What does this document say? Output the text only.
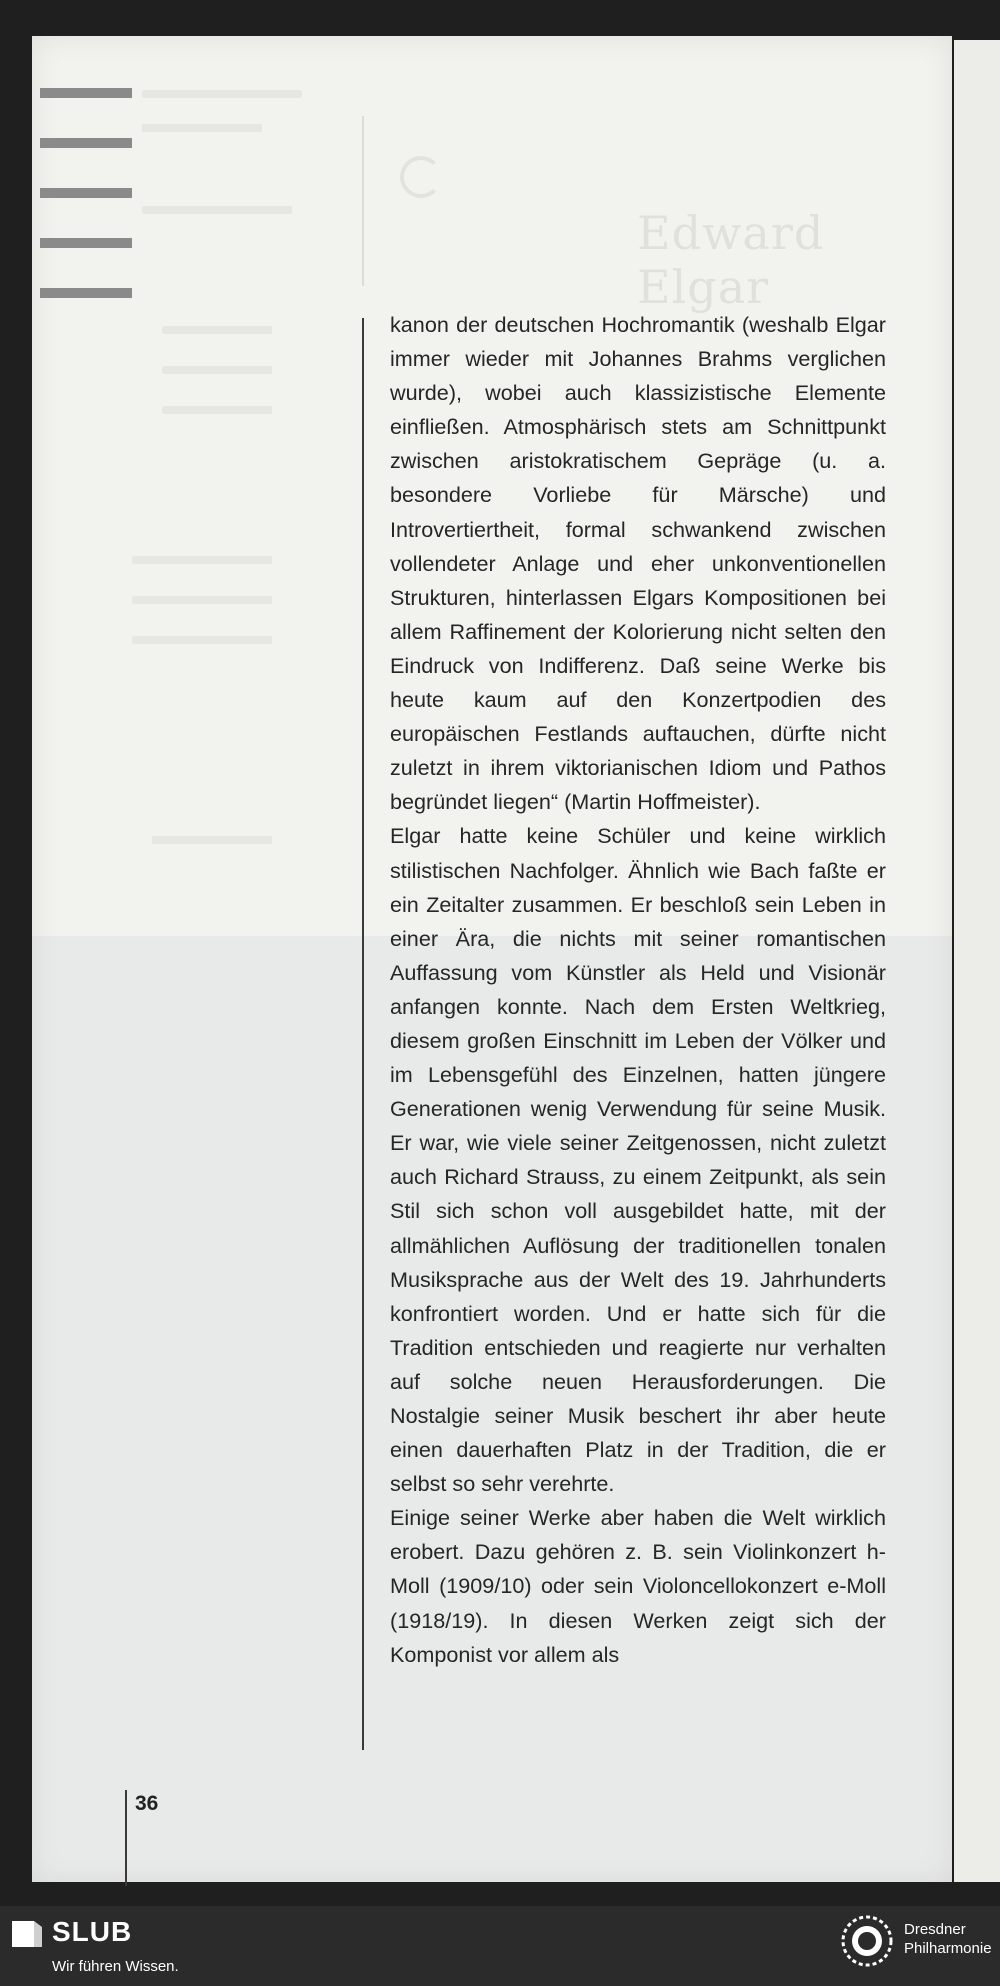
Edward Elgar

kanon der deutschen Hochromantik (weshalb Elgar immer wieder mit Johannes Brahms verglichen wurde), wobei auch klassizistische Elemente einfließen. Atmosphärisch stets am Schnittpunkt zwischen aristokratischem Gepräge (u. a. besondere Vorliebe für Märsche) und Introvertiertheit, formal schwankend zwischen vollendeter Anlage und eher unkonventionellen Strukturen, hinterlassen Elgars Kompositionen bei allem Raffinement der Kolorierung nicht selten den Eindruck von Indifferenz. Daß seine Werke bis heute kaum auf den Konzertpodien des europäischen Festlands auftauchen, dürfte nicht zuletzt in ihrem viktorianischen Idiom und Pathos begründet liegen“ (Martin Hoffmeister).

Elgar hatte keine Schüler und keine wirklich stilistischen Nachfolger. Ähnlich wie Bach faßte er ein Zeitalter zusammen. Er beschloß sein Leben in einer Ära, die nichts mit seiner romantischen Auffassung vom Künstler als Held und Visionär anfangen konnte. Nach dem Ersten Weltkrieg, diesem großen Einschnitt im Leben der Völker und im Lebensgefühl des Einzelnen, hatten jüngere Generationen wenig Verwendung für seine Musik. Er war, wie viele seiner Zeitgenossen, nicht zuletzt auch Richard Strauss, zu einem Zeitpunkt, als sein Stil sich schon voll ausgebildet hatte, mit der allmählichen Auflösung der traditionellen tonalen Musiksprache aus der Welt des 19. Jahrhunderts konfrontiert worden. Und er hatte sich für die Tradition entschieden und reagierte nur verhalten auf solche neuen Herausforderungen. Die Nostalgie seiner Musik beschert ihr aber heute einen dauerhaften Platz in der Tradition, die er selbst so sehr verehrte.

Einige seiner Werke aber haben die Welt wirklich erobert. Dazu gehören z. B. sein Violinkonzert h-Moll (1909/10) oder sein Violoncellokonzert e-Moll (1918/19). In diesen Werken zeigt sich der Komponist vor allem als

36
SLUB
Wir führen Wissen.
Dresdner
Philharmonie
